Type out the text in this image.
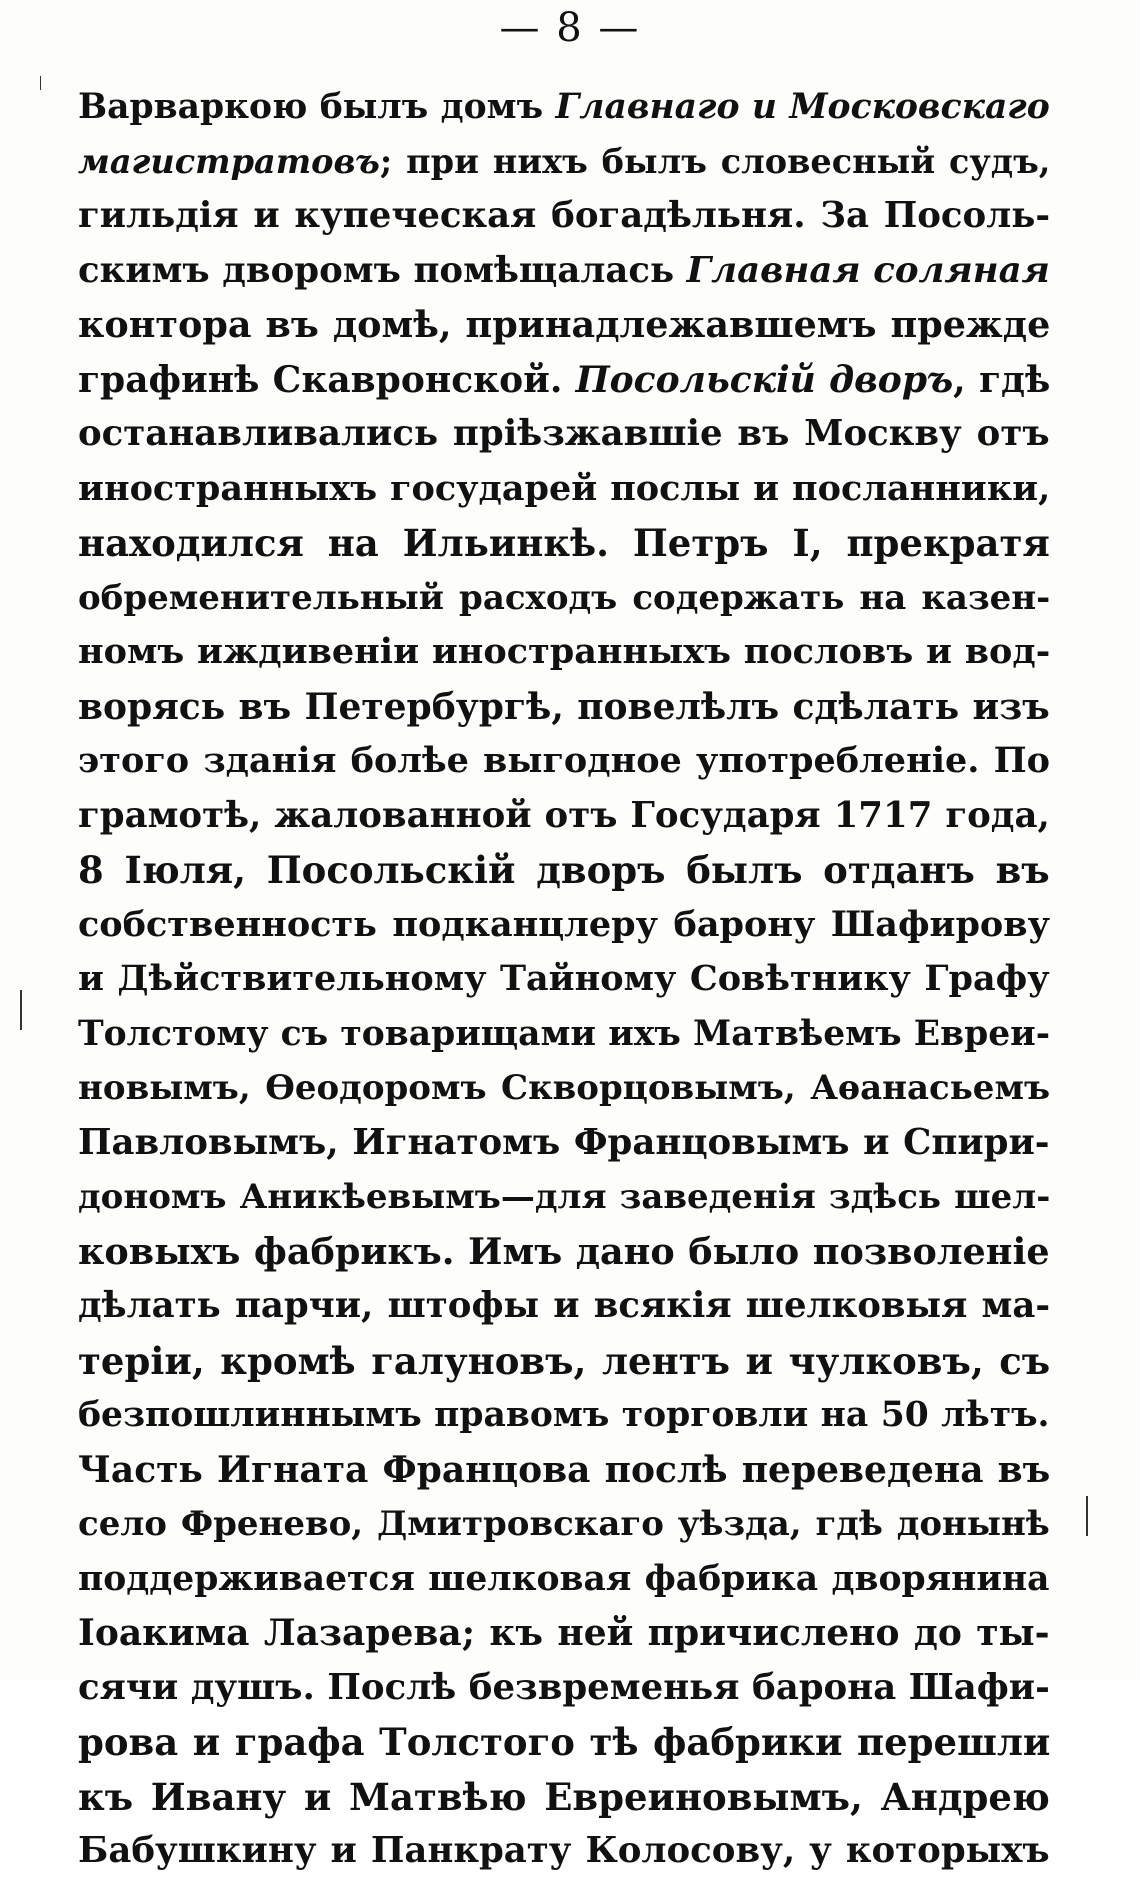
— 8 —
Варваркою былъ домъ Главнаго и Московскаго
магистратовъ; при нихъ былъ словесный судъ,
гильдія и купеческая богадѣльня. За Посоль-
скимъ дворомъ помѣщалась Главная соляная
контора въ домѣ, принадлежавшемъ прежде
графинѣ Скавронской. Посольскій дворъ, гдѣ
останавливались пріѣзжавшіе въ Москву отъ
иностранныхъ государей послы и посланники,
находился на Ильинкѣ. Петръ I, прекратя
обременительный расходъ содержать на казен-
номъ иждивеніи иностранныхъ пословъ и вод-
ворясь въ Петербургѣ, повелѣлъ сдѣлать изъ
этого зданія болѣе выгодное употребленіе. По
грамотѣ, жалованной отъ Государя 1717 года,
8 Іюля, Посольскій дворъ былъ отданъ въ
собственность подканцлеру барону Шафирову
и Дѣйствительному Тайному Совѣтнику Графу
Толстому съ товарищами ихъ Матвѣемъ Евреи-
новымъ, Ѳеодоромъ Скворцовымъ, Аѳанасьемъ
Павловымъ, Игнатомъ Францовымъ и Спири-
дономъ Аникѣевымъ—для заведенія здѣсь шел-
ковыхъ фабрикъ. Имъ дано было позволеніе
дѣлать парчи, штофы и всякія шелковыя ма-
теріи, кромѣ галуновъ, лентъ и чулковъ, съ
безпошлиннымъ правомъ торговли на 50 лѣтъ.
Часть Игната Францова послѣ переведена въ
село Френево, Дмитровскаго уѣзда, гдѣ донынѣ
поддерживается шелковая фабрика дворянина
Іоакима Лазарева; къ ней причислено до ты-
сячи душъ. Послѣ безвременья барона Шафи-
рова и графа Толстого тѣ фабрики перешли
къ Ивану и Матвѣю Евреиновымъ, Андрею
Бабушкину и Панкрату Колосову, у которыхъ
